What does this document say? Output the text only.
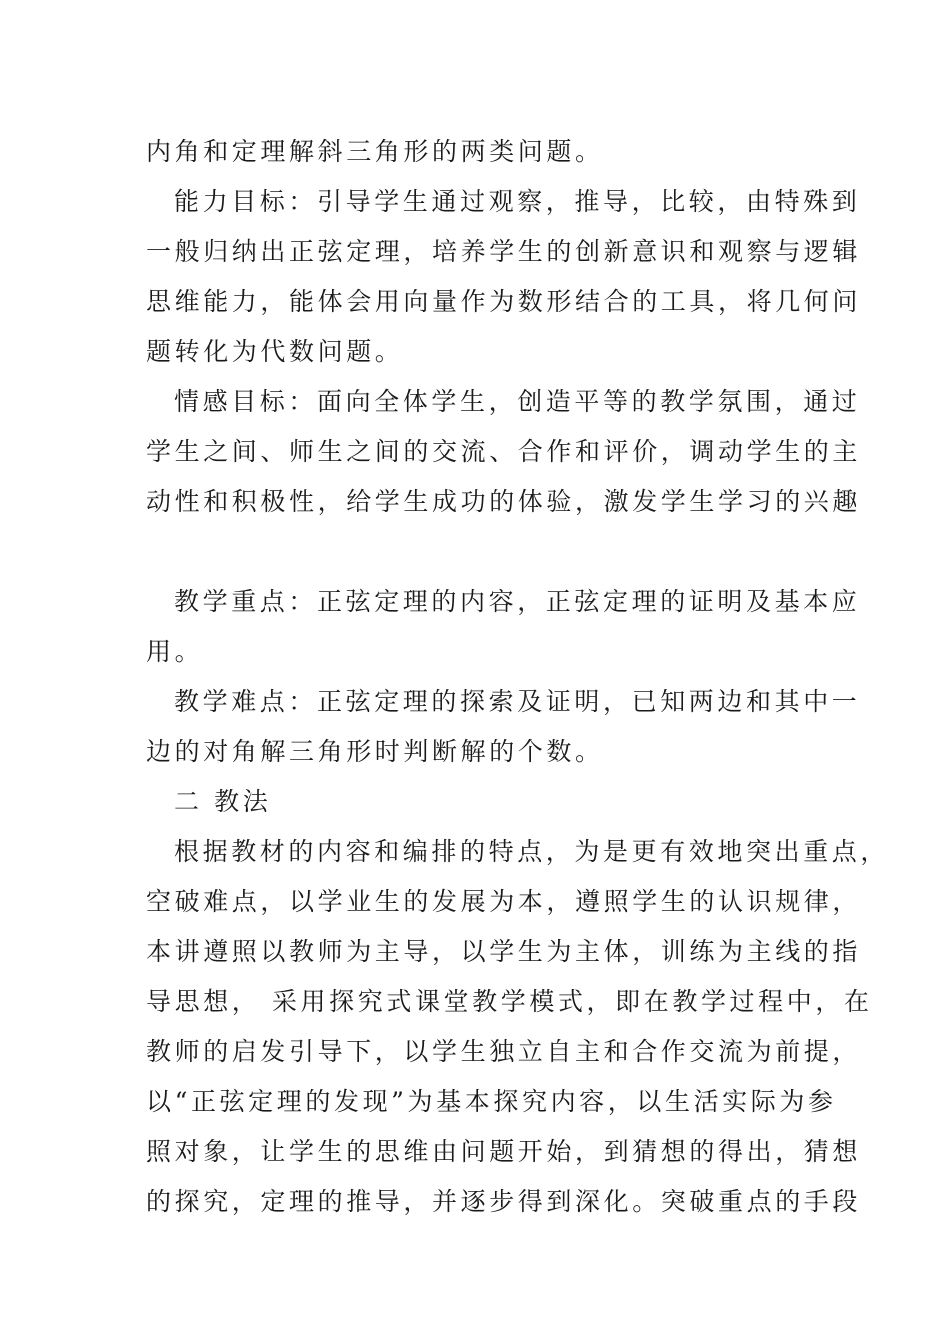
内角和定理解斜三角形的两类问题。
能力目标：引导学生通过观察，推导，比较，由特殊到
一般归纳出正弦定理，培养学生的创新意识和观察与逻辑
思维能力，能体会用向量作为数形结合的工具，将几何问
题转化为代数问题。
情感目标：面向全体学生，创造平等的教学氛围，通过
学生之间、师生之间的交流、合作和评价，调动学生的主
动性和积极性，给学生成功的体验，激发学生学习的兴趣
教学重点：正弦定理的内容，正弦定理的证明及基本应
用。
教学难点：正弦定理的探索及证明，已知两边和其中一
边的对角解三角形时判断解的个数。
二 教法
根据教材的内容和编排的特点，为是更有效地突出重点，
空破难点，以学业生的发展为本，遵照学生的认识规律，
本讲遵照以教师为主导，以学生为主体，训练为主线的指
导思想， 采用探究式课堂教学模式，即在教学过程中，在
教师的启发引导下，以学生独立自主和合作交流为前提，
以“正弦定理的发现”为基本探究内容，以生活实际为参
照对象，让学生的思维由问题开始，到猜想的得出，猜想
的探究，定理的推导，并逐步得到深化。突破重点的手段
